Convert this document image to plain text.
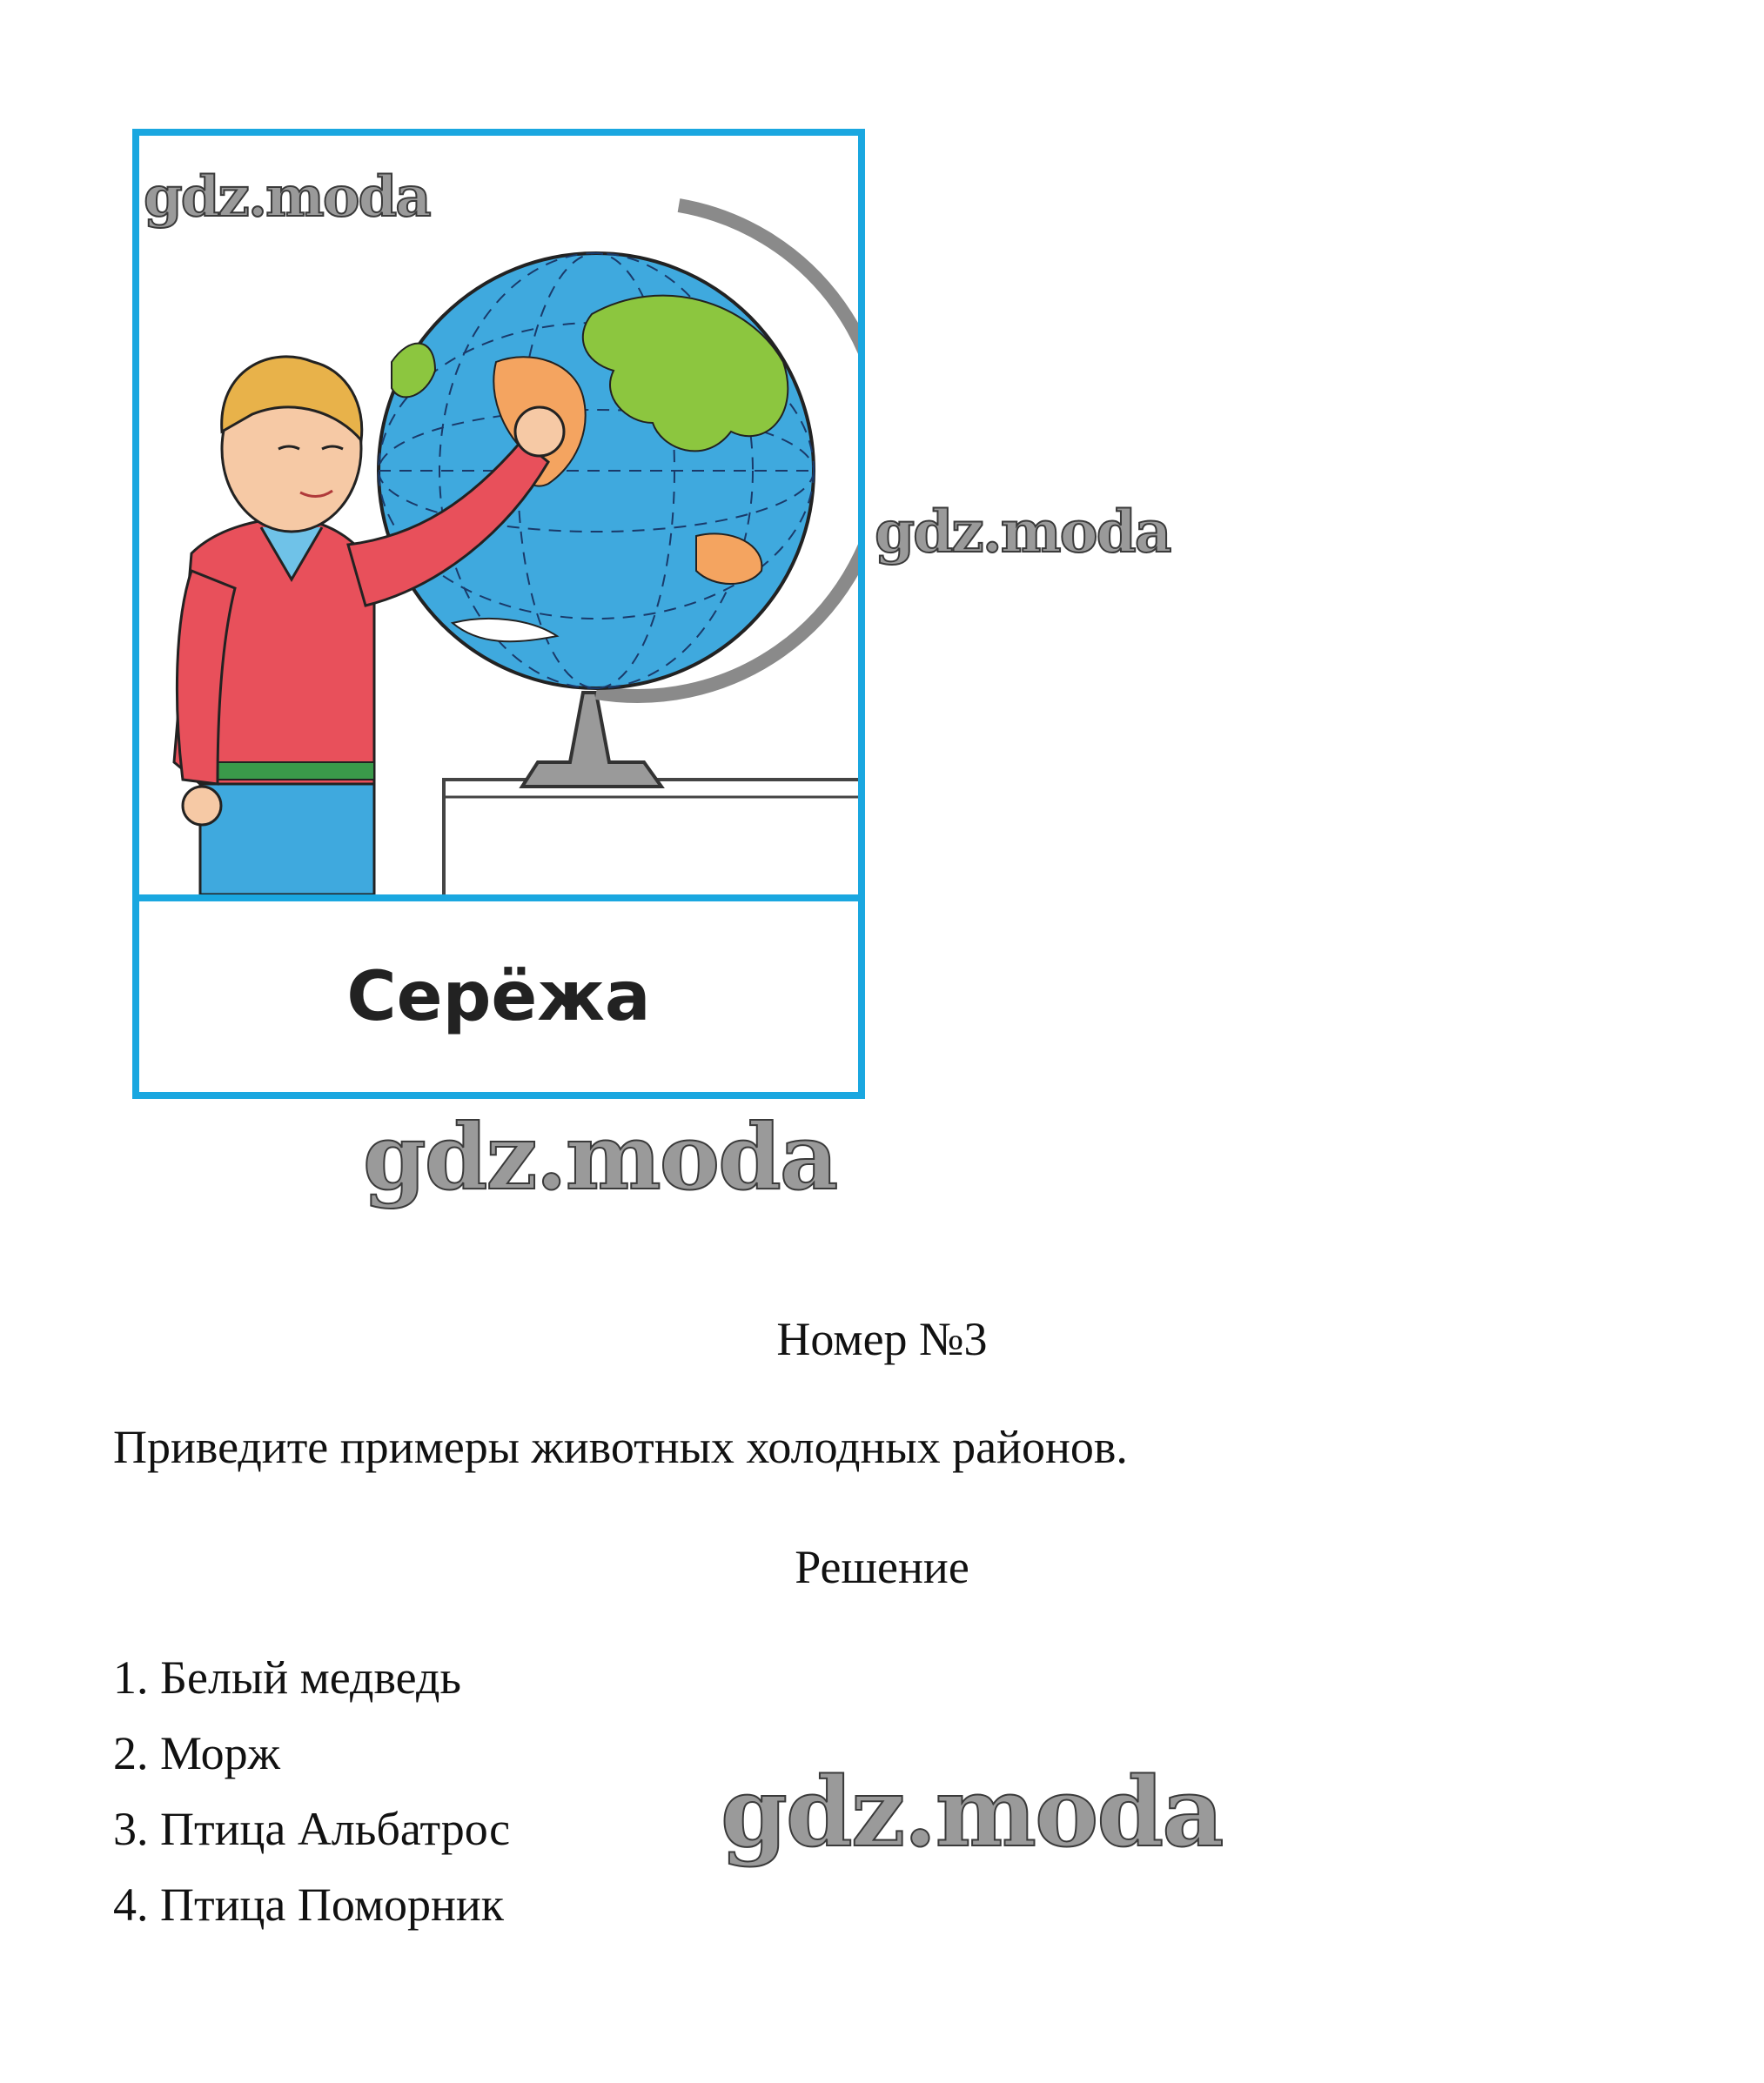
Серёжа
gdz.moda
gdz.moda
gdz.moda
Номер №3
Приведите примеры животных холодных районов.
Решение
1. Белый медведь
2. Морж
3. Птица Альбатрос
4. Птица Поморник
gdz.moda
